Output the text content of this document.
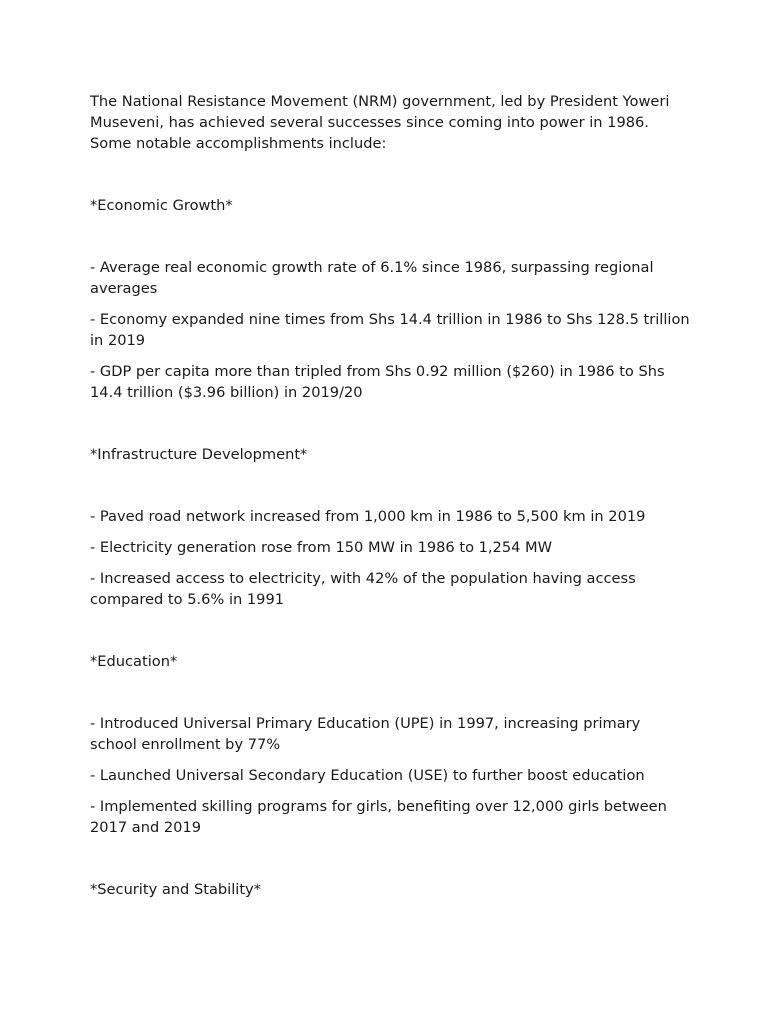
The National Resistance Movement (NRM) government, led by President Yoweri Museveni, has achieved several successes since coming into power in 1986. Some notable accomplishments include:

*Economic Growth*

- Average real economic growth rate of 6.1% since 1986, surpassing regional averages

- Economy expanded nine times from Shs 14.4 trillion in 1986 to Shs 128.5 trillion in 2019

- GDP per capita more than tripled from Shs 0.92 million ($260) in 1986 to Shs 14.4 trillion ($3.96 billion) in 2019/20

*Infrastructure Development*

- Paved road network increased from 1,000 km in 1986 to 5,500 km in 2019

- Electricity generation rose from 150 MW in 1986 to 1,254 MW

- Increased access to electricity, with 42% of the population having access compared to 5.6% in 1991

*Education*

- Introduced Universal Primary Education (UPE) in 1997, increasing primary school enrollment by 77%

- Launched Universal Secondary Education (USE) to further boost education

- Implemented skilling programs for girls, benefiting over 12,000 girls between 2017 and 2019

*Security and Stability*
